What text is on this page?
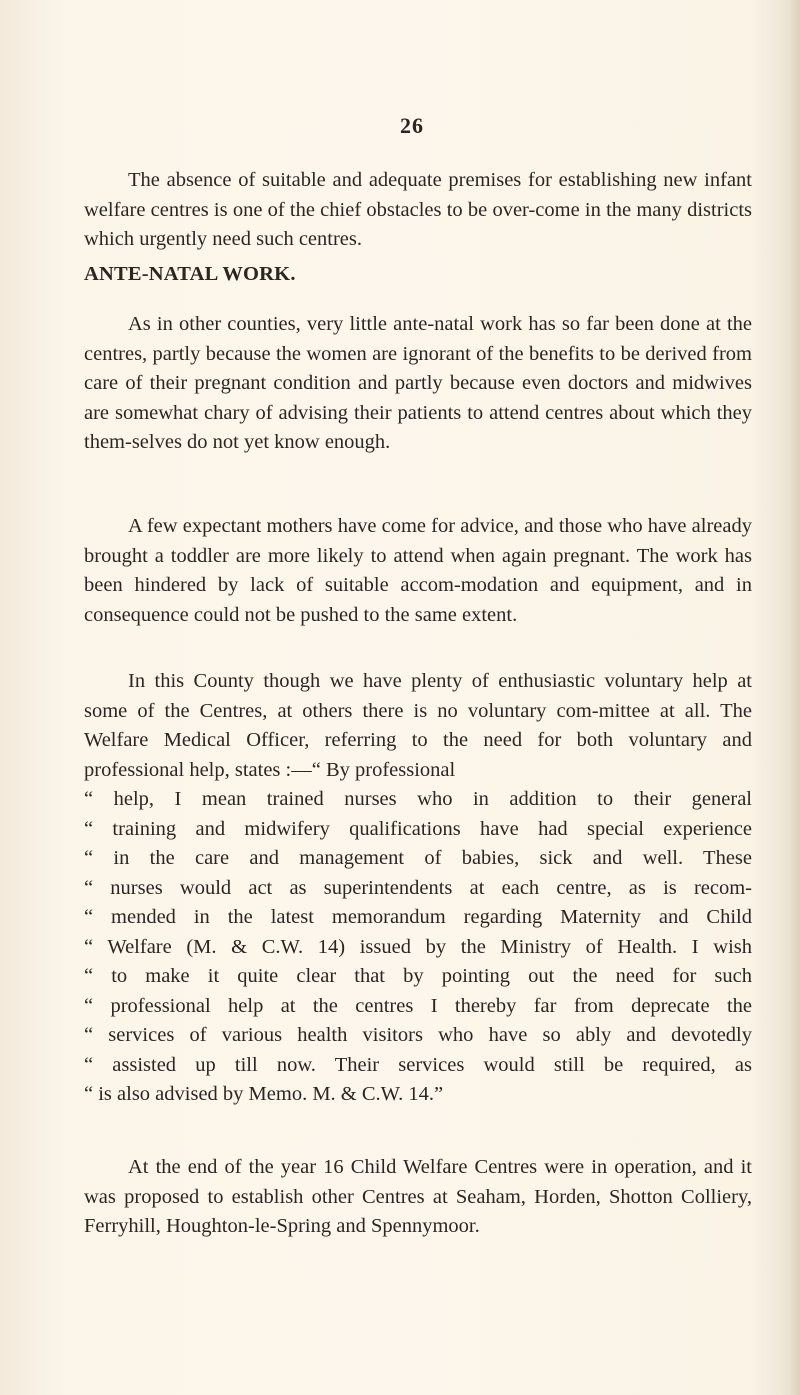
26

The absence of suitable and adequate premises for establishing new infant welfare centres is one of the chief obstacles to be over-come in the many districts which urgently need such centres.

ANTE-NATAL WORK.

As in other counties, very little ante-natal work has so far been done at the centres, partly because the women are ignorant of the benefits to be derived from care of their pregnant condition and partly because even doctors and midwives are somewhat chary of advising their patients to attend centres about which they them-selves do not yet know enough.

A few expectant mothers have come for advice, and those who have already brought a toddler are more likely to attend when again pregnant. The work has been hindered by lack of suitable accom-modation and equipment, and in consequence could not be pushed to the same extent.

In this County though we have plenty of enthusiastic voluntary help at some of the Centres, at others there is no voluntary com-mittee at all. The Welfare Medical Officer, referring to the need for both voluntary and professional help, states :—“ By professional

“ help, I mean trained nurses who in addition to their general
“ training and midwifery qualifications have had special experience
“ in the care and management of babies, sick and well. These
“ nurses would act as superintendents at each centre, as is recom-
“ mended in the latest memorandum regarding Maternity and Child
“ Welfare (M. & C.W. 14) issued by the Ministry of Health. I wish
“ to make it quite clear that by pointing out the need for such
“ professional help at the centres I thereby far from deprecate the
“ services of various health visitors who have so ably and devotedly
“ assisted up till now. Their services would still be required, as
“ is also advised by Memo. M. & C.W. 14.”

At the end of the year 16 Child Welfare Centres were in operation, and it was proposed to establish other Centres at Seaham, Horden, Shotton Colliery, Ferryhill, Houghton-le-Spring and Spennymoor.
